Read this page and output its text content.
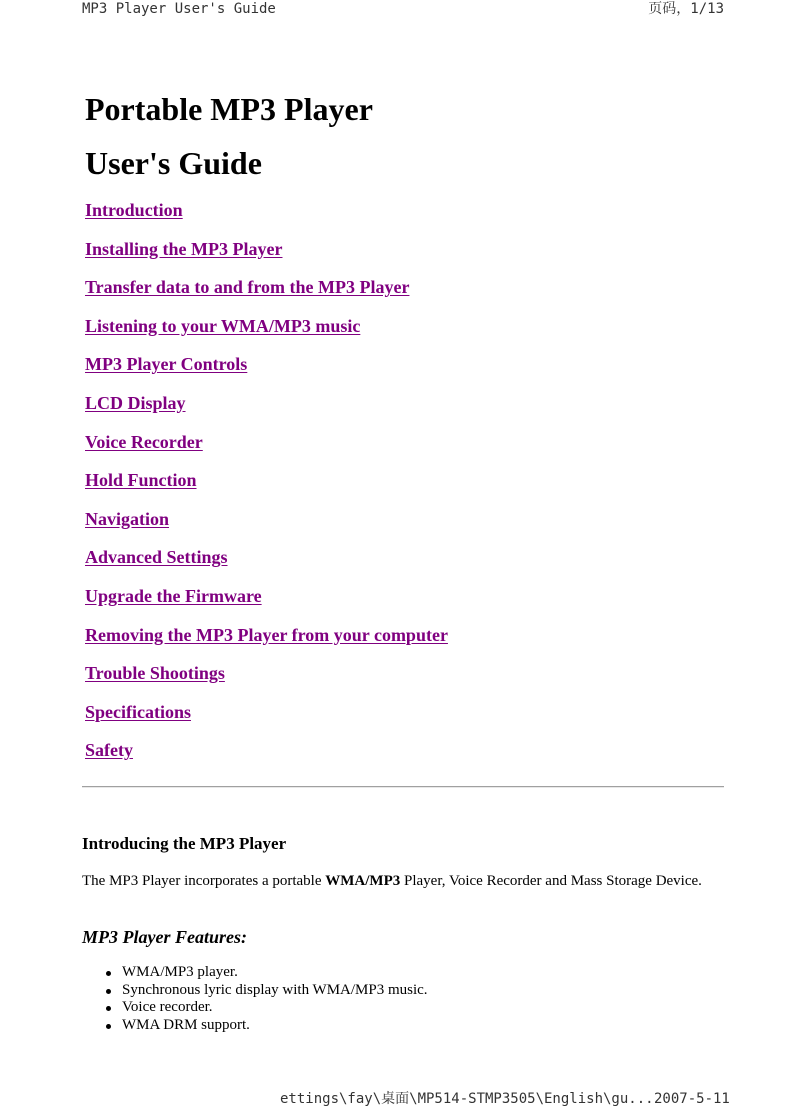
MP3 Player User's Guide	页码，1/13
Portable MP3 Player
User's Guide
Introduction
Installing the MP3 Player
Transfer data to and from the MP3 Player
Listening to your WMA/MP3 music
MP3 Player Controls
LCD Display
Voice Recorder
Hold Function
Navigation
Advanced Settings
Upgrade the Firmware
Removing the MP3 Player from your computer
Trouble Shootings
Specifications
Safety
Introducing the MP3 Player

The MP3 Player incorporates a portable WMA/MP3 Player, Voice Recorder and Mass Storage Device.

MP3 Player Features:
WMA/MP3 player.
Synchronous lyric display with WMA/MP3 music.
Voice recorder.
WMA DRM support.
ettings\fay\桌面\MP514-STMP3505\English\gu... 2007-5-11
